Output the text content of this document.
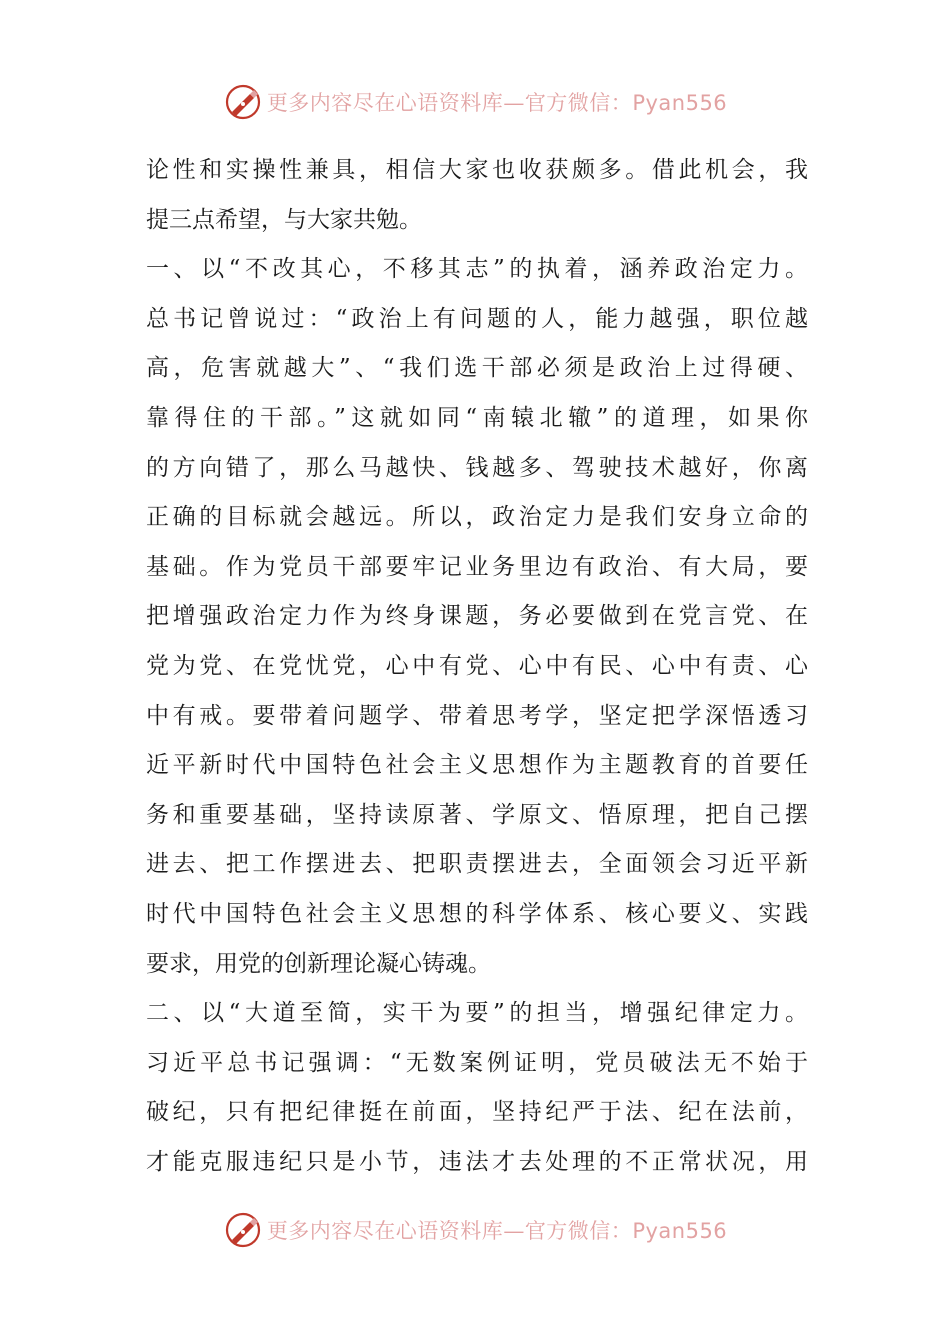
更多内容尽在心语资料库—官方微信：Pyan556
论性和实操性兼具，相信大家也收获颇多。借此机会，我
提三点希望，与大家共勉。
一、以“不改其心，不移其志”的执着，涵养政治定力。
总书记曾说过：“政治上有问题的人，能力越强，职位越
高，危害就越大”、“我们选干部必须是政治上过得硬、
靠得住的干部。”这就如同“南辕北辙”的道理，如果你
的方向错了，那么马越快、钱越多、驾驶技术越好，你离
正确的目标就会越远。所以，政治定力是我们安身立命的
基础。作为党员干部要牢记业务里边有政治、有大局，要
把增强政治定力作为终身课题，务必要做到在党言党、在
党为党、在党忧党，心中有党、心中有民、心中有责、心
中有戒。要带着问题学、带着思考学，坚定把学深悟透习
近平新时代中国特色社会主义思想作为主题教育的首要任
务和重要基础，坚持读原著、学原文、悟原理，把自己摆
进去、把工作摆进去、把职责摆进去，全面领会习近平新
时代中国特色社会主义思想的科学体系、核心要义、实践
要求，用党的创新理论凝心铸魂。
二、以“大道至简，实干为要”的担当，增强纪律定力。
习近平总书记强调：“无数案例证明，党员破法无不始于
破纪，只有把纪律挺在前面，坚持纪严于法、纪在法前，
才能克服违纪只是小节，违法才去处理的不正常状况，用
更多内容尽在心语资料库—官方微信：Pyan556
